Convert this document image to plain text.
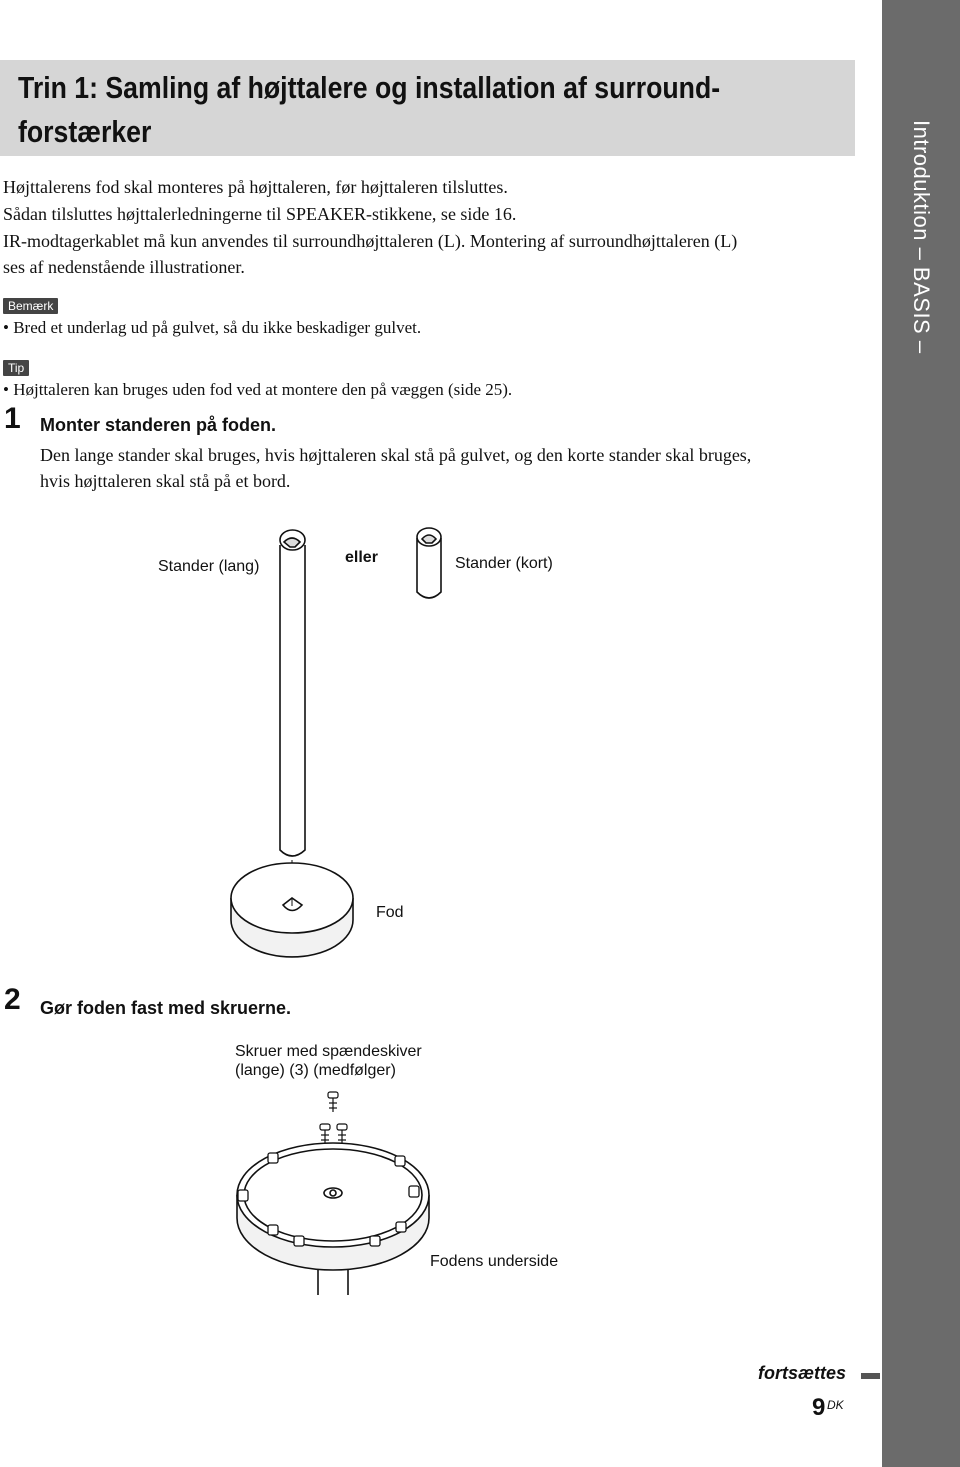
Introduktion – BASIS –
Trin 1: Samling af højttalere og installation af surround-
forstærker
Højttalerens fod skal monteres på højttaleren, før højttaleren tilsluttes.
Sådan tilsluttes højttalerledningerne til SPEAKER-stikkene, se side 16.
IR-modtagerkablet må kun anvendes til surroundhøjttaleren (L). Montering af surroundhøjttaleren (L)
ses af nedenstående illustrationer.
Bemærk
• Bred et underlag ud på gulvet, så du ikke beskadiger gulvet.
Tip
• Højttaleren kan bruges uden fod ved at montere den på væggen (side 25).
1 Monter standeren på foden.
Den lange stander skal bruges, hvis højttaleren skal stå på gulvet, og den korte stander skal bruges,
hvis højttaleren skal stå på et bord.
Stander (lang)
eller	Stander (kort)
Fod
2 Gør foden fast med skruerne.
Skruer med spændeskiver
(lange) (3) (medfølger)
Fodens underside
fortsættes
9 DK
